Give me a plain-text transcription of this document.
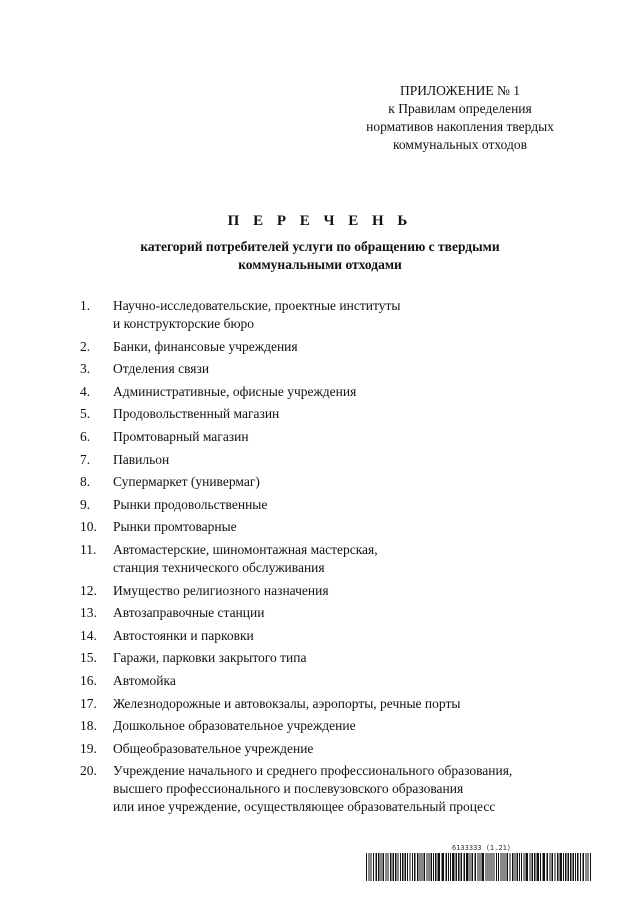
ПРИЛОЖЕНИЕ № 1
к Правилам определения
нормативов накопления твердых
коммунальных отходов
П Е Р Е Ч Е Н Ь
категорий потребителей услуги по обращению с твердыми
коммунальными отходами
1.	Научно-исследовательские, проектные институты
и конструкторские бюро
2.	Банки, финансовые учреждения
3.	Отделения связи
4.	Административные, офисные учреждения
5.	Продовольственный магазин
6.	Промтоварный магазин
7.	Павильон
8.	Супермаркет (универмаг)
9.	Рынки продовольственные
10.	Рынки промтоварные
11.	Автомастерские, шиномонтажная мастерская,
станция технического обслуживания
12.	Имущество религиозного назначения
13.	Автозаправочные станции
14.	Автостоянки и парковки
15.	Гаражи, парковки закрытого типа
16.	Автомойка
17.	Железнодорожные и автовокзалы, аэропорты, речные порты
18.	Дошкольное образовательное учреждение
19.	Общеобразовательное учреждение
20.	Учреждение начального и среднего профессионального образования,
высшего профессионального и послевузовского образования
или иное учреждение, осуществляющее образовательный процесс
6133333 (1.21)
